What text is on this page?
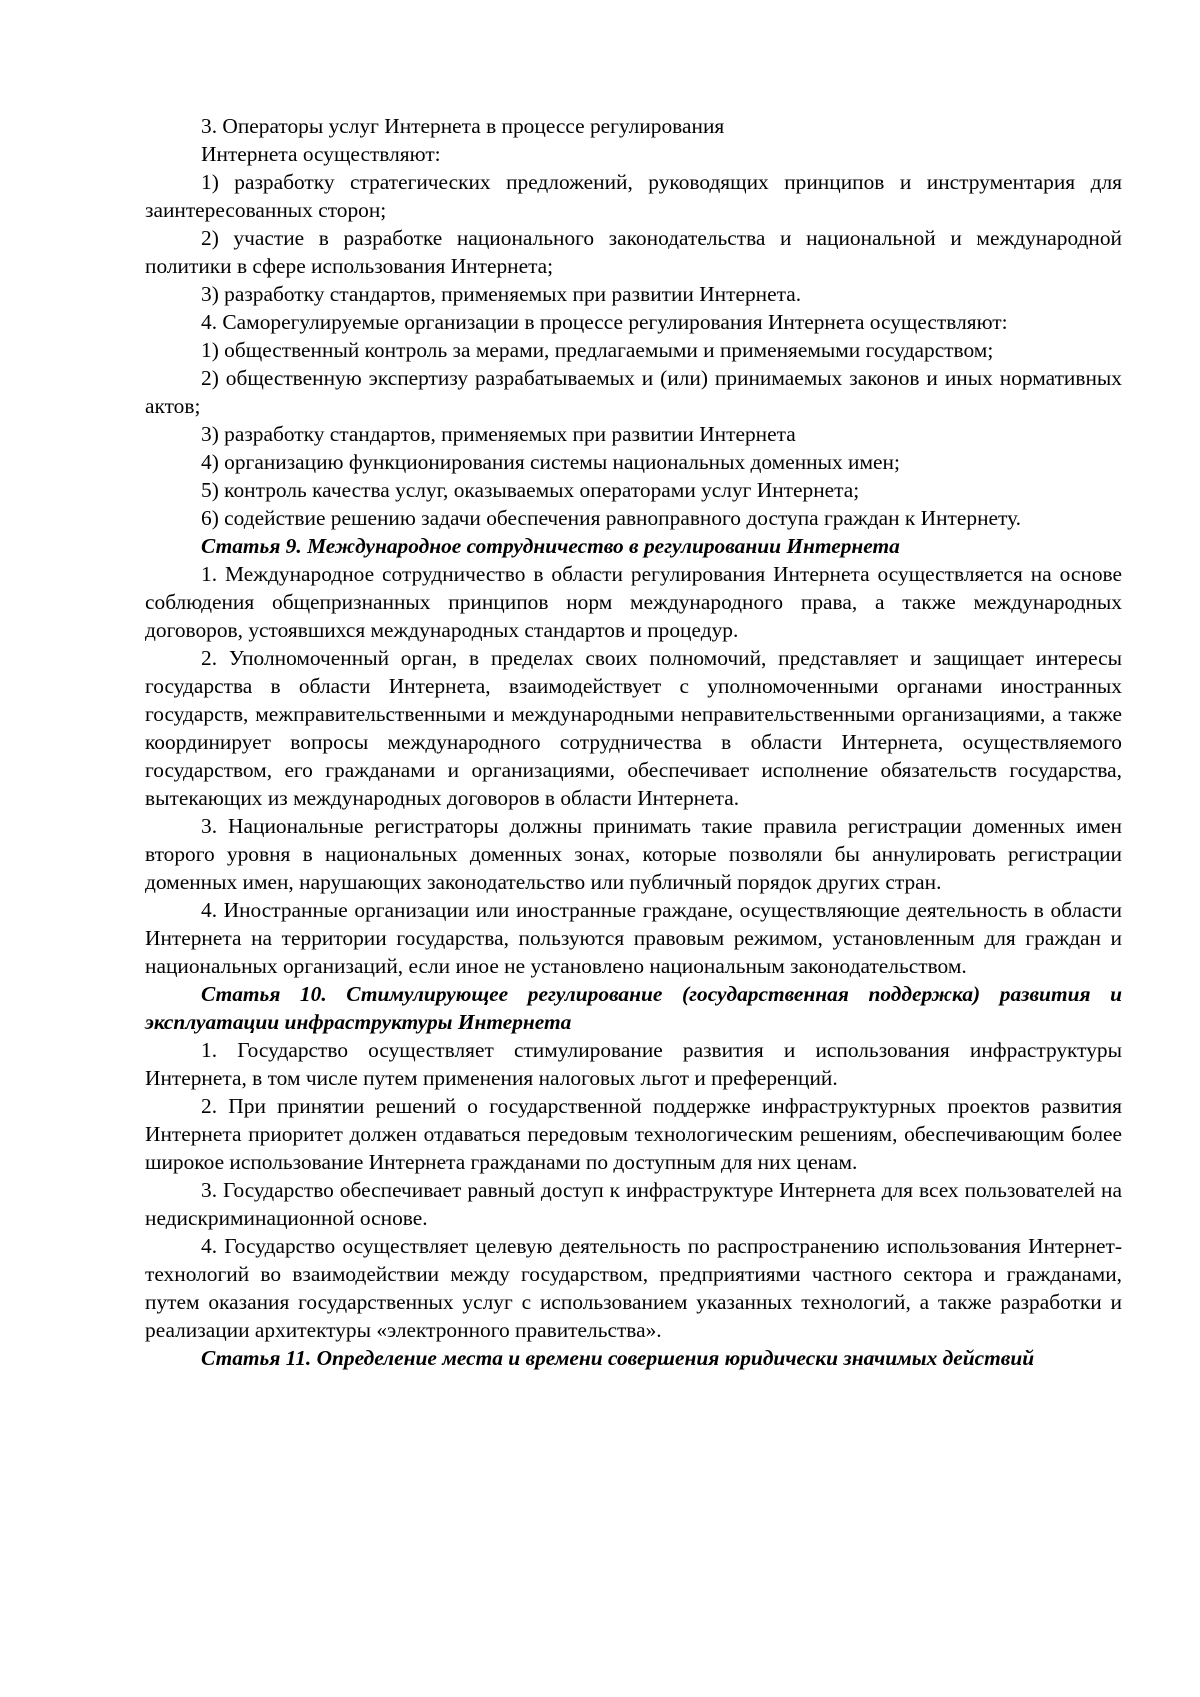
3. Операторы услуг Интернета в процессе регулирования

Интернета осуществляют:

1) разработку стратегических предложений, руководящих принципов и инструментария для заинтересованных сторон;

2) участие в разработке национального законодательства и национальной и международной политики в сфере использования Интернета;

3) разработку стандартов, применяемых при развитии Интернета.

4. Саморегулируемые организации в процессе регулирования Интернета осуществляют:

1) общественный контроль за мерами, предлагаемыми и применяемыми государством;

2) общественную экспертизу разрабатываемых и (или) принимаемых законов и иных нормативных актов;

3) разработку стандартов, применяемых при развитии Интернета

4) организацию функционирования системы национальных доменных имен;

5) контроль качества услуг, оказываемых операторами услуг Интернета;

6) содействие решению задачи обеспечения равноправного доступа граждан к Интернету.

Статья 9. Международное сотрудничество в регулировании Интернета

1. Международное сотрудничество в области регулирования Интернета осуществляется на основе соблюдения общепризнанных принципов норм международного права, а также международных договоров, устоявшихся международных стандартов и процедур.

2. Уполномоченный орган, в пределах своих полномочий, представляет и защищает интересы государства в области Интернета, взаимодействует с уполномоченными органами иностранных государств, межправительственными и международными неправительственными организациями, а также координирует вопросы международного сотрудничества в области Интернета, осуществляемого государством, его гражданами и организациями, обеспечивает исполнение обязательств государства, вытекающих из международных договоров в области Интернета.

3. Национальные регистраторы должны принимать такие правила регистрации доменных имен второго уровня в национальных доменных зонах, которые позволяли бы аннулировать регистрации доменных имен, нарушающих законодательство или публичный порядок других стран.

4. Иностранные организации или иностранные граждане, осуществляющие деятельность в области Интернета на территории государства, пользуются правовым режимом, установленным для граждан и национальных организаций, если иное не установлено национальным законодательством.

Статья 10. Стимулирующее регулирование (государственная поддержка) развития и эксплуатации инфраструктуры Интернета

1. Государство осуществляет стимулирование развития и использования инфраструктуры Интернета, в том числе путем применения налоговых льгот и преференций.

2. При принятии решений о государственной поддержке инфраструктурных проектов развития Интернета приоритет должен отдаваться передовым технологическим решениям, обеспечивающим более широкое использование Интернета гражданами по доступным для них ценам.

3. Государство обеспечивает равный доступ к инфраструктуре Интернета для всех пользователей на недискриминационной основе.

4. Государство осуществляет целевую деятельность по распространению использования Интернет-технологий во взаимодействии между государством, предприятиями частного сектора и гражданами, путем оказания государственных услуг с использованием указанных технологий, а также разработки и реализации архитектуры «электронного правительства».

Статья 11. Определение места и времени совершения юридически значимых действий
